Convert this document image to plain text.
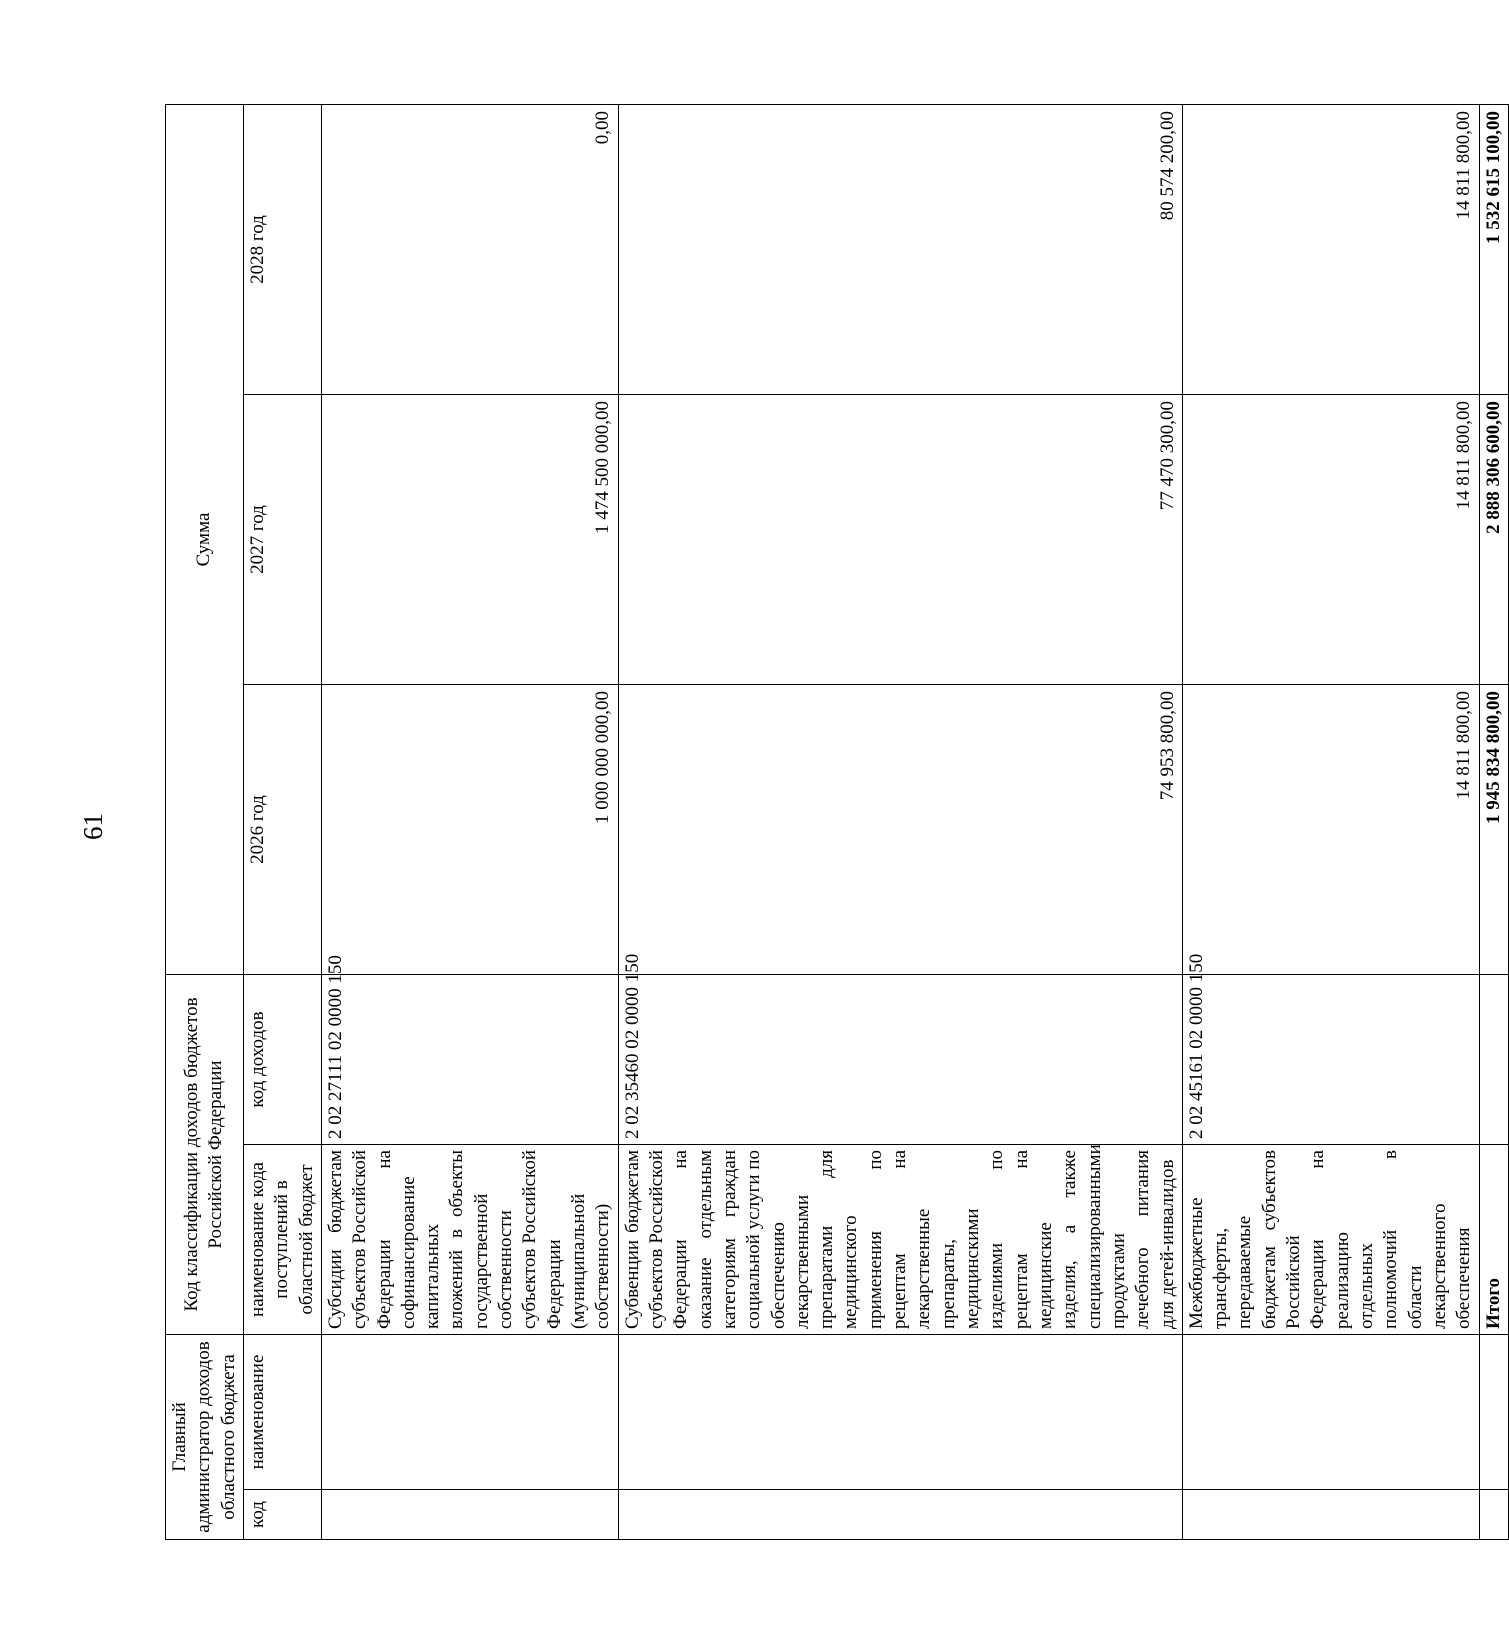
61
Главный администратор доходов областного бюджета		Код классификации доходов бюджетов Российской Федерации		Сумма		
код	наименование	наименование кода поступлений в областной бюджет	код доходов	2026 год	2027 год	2028 год
		Субсидии бюджетам субъектов Российской Федерации на софинансирование капитальных вложений в объекты государственной собственности субъектов Российской Федерации (муниципальной собственности)	2 02 27111 02 0000 150	1 000 000 000,00	1 474 500 000,00	0,00
		Субвенции бюджетам субъектов Российской Федерации на оказание отдельным категориям граждан социальной услуги по обеспечению лекарственными препаратами для медицинского применения по рецептам на лекарственные препараты, медицинскими изделиями по рецептам на медицинские изделия, а также специализированными продуктами лечебного питания для детей-инвалидов	2 02 35460 02 0000 150	74 953 800,00	77 470 300,00	80 574 200,00
		Межбюджетные трансферты, передаваемые бюджетам субъектов Российской Федерации на реализацию отдельных полномочий в области лекарственного обеспечения	2 02 45161 02 0000 150	14 811 800,00	14 811 800,00	14 811 800,00
		Итого		1 945 834 800,00	2 888 306 600,00	1 532 615 100,00
